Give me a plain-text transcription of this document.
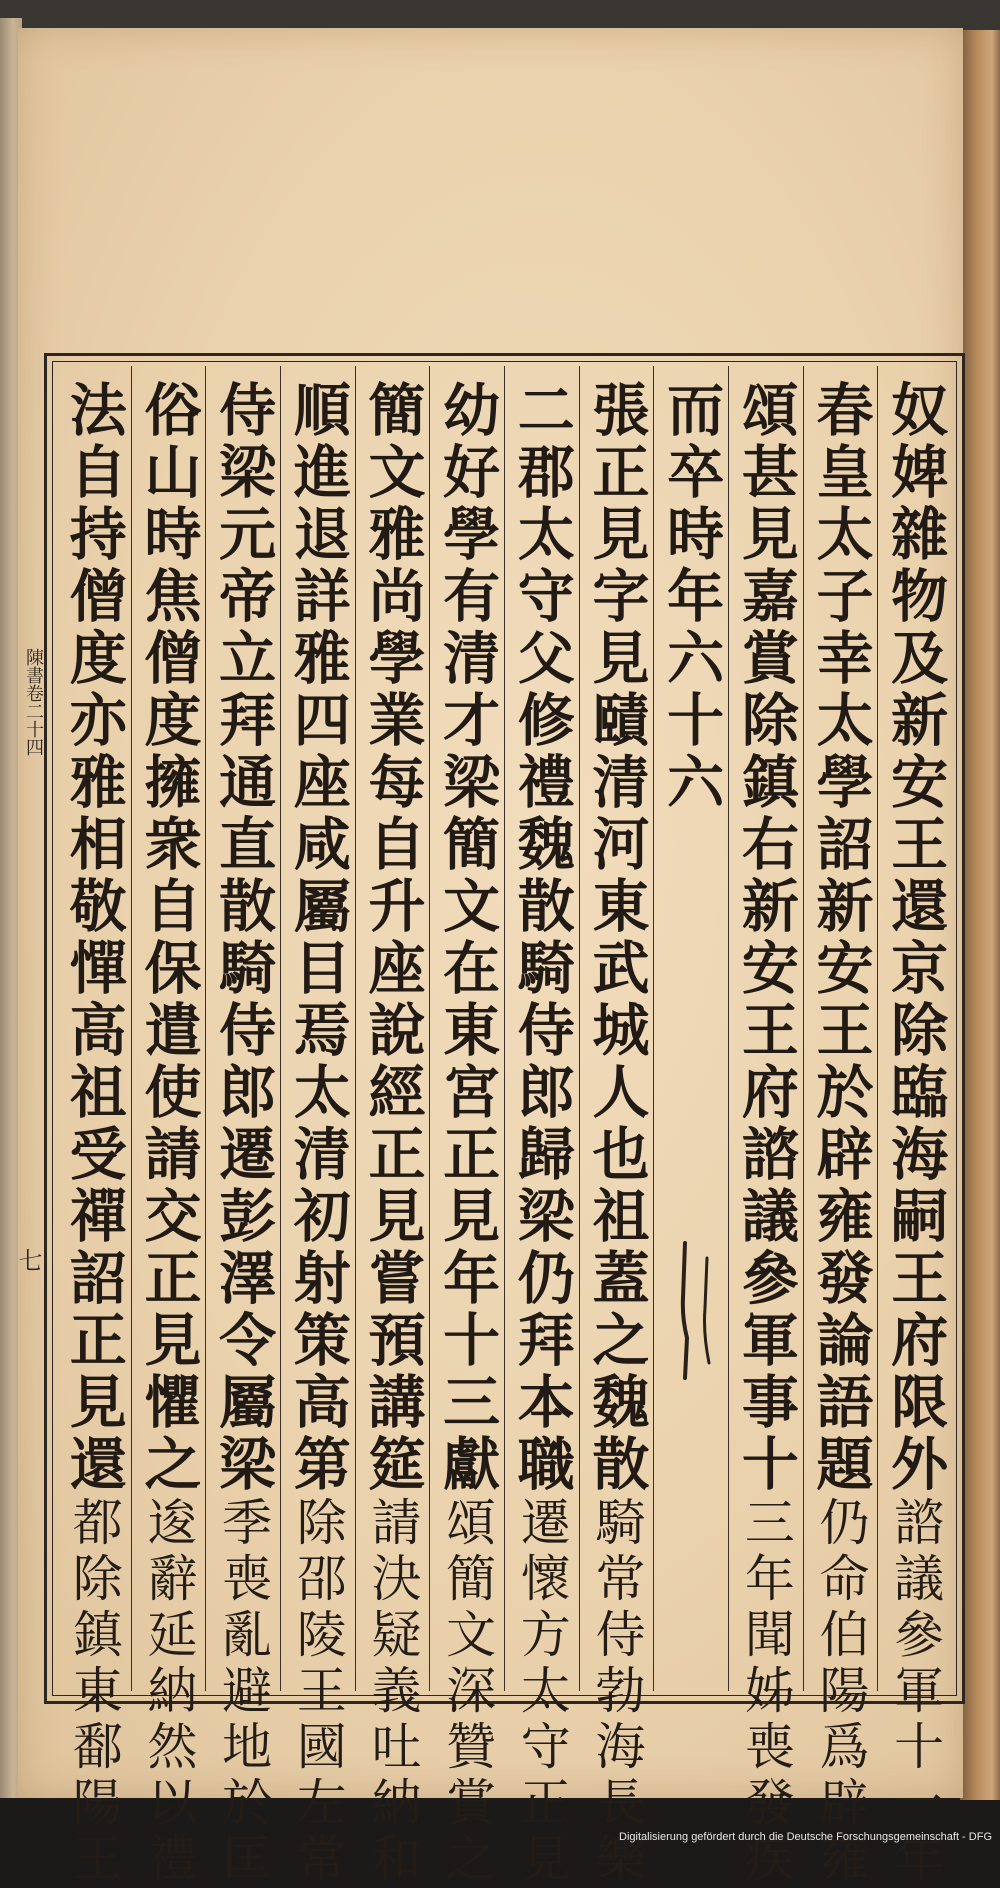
陳書卷二十四
七	奴婢雜物及新安王還京除臨海嗣王府限外
諮議參軍十一年
春皇太子幸太學詔新安王於辟雍發論語題
仍命伯陽爲辟雍
頌甚見嘉賞除鎮右新安王府諮議參軍事十
三年聞姊喪發疾
而卒時年六十六
張正見字見賾清河東武城人也祖蓋之魏散
騎常侍勃海長樂
二郡太守父修禮魏散騎侍郎歸梁仍拜本職
遷懷方太守正見
幼好學有清才梁簡文在東宮正見年十三獻
頌簡文深贊賞之
簡文雅尚學業每自升座說經正見嘗預講筵
請決疑義吐納和
順進退詳雅四座咸屬目焉太清初射策高第
除邵陵王國左常
侍梁元帝立拜通直散騎侍郎遷彭澤令屬梁
季喪亂避地於匡
俗山時焦僧度擁衆自保遣使請交正見懼之
逡辭延納然以禮
法自持僧度亦雅相敬憚高祖受禪詔正見還
都除鎮東鄱陽王	Digitalisierung gefördert durch die Deutsche Forschungsgemeinschaft - DFG
